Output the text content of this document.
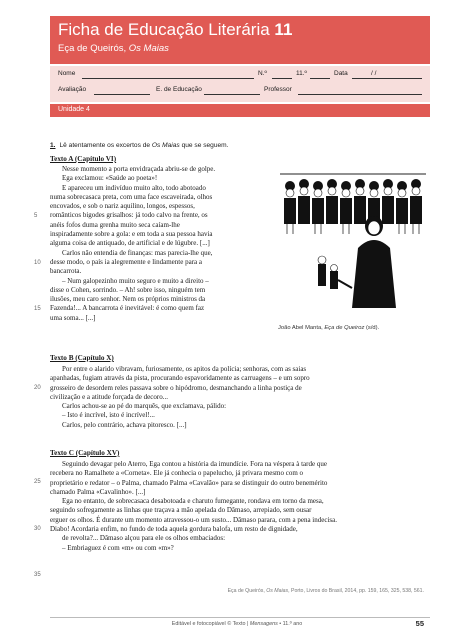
Ficha de Educação Literária 11
Eça de Queirós, Os Maias
Nome	N.º	11.º	Data	/ /
Avaliação	E. de Educação	Professor
Unidade 4
1. Lê atentamente os excertos de Os Maias que se seguem.
Texto A (Capítulo VI)
Nesse momento a porta envidraçada abriu-se de golpe.
Ega exclamou: «Saúde ao poeta»!
E apareceu um indivíduo muito alto, todo abotoado
numa sobrecasaca preta, com uma face escaveirada, olhos
encovados, e sob o nariz aquilino, longos, espessos,
românticos bigodes grisalhos: já todo calvo na frente, os
anéis fofos duma grenha muito seca caíam-lhe
inspiradamente sobre a gola: e em toda a sua pessoa havia
alguma coisa de antiquado, de artificial e de lúgubre. [...]
Carlos não entendia de finanças: mas parecia-lhe que,
desse modo, o país ia alegremente e lindamente para a
bancarrota.
– Num galopezinho muito seguro e muito a direito –
disse o Cohen, sorrindo. – Ah! sobre isso, ninguém tem
ilusões, meu caro senhor. Nem os próprios ministros da
Fazenda!... A bancarrota é inevitável: é como quem faz
uma soma... [...]
Texto B (Capítulo X)
Por entre o alarido vibravam, furiosamente, os apitos da polícia; senhoras, com as saias
apanhadas, fugiam através da pista, procurando espavoridamente as carruagens – e um sopro
grosseiro de desordem reles passava sobre o hipódromo, desmanchando a linha postiça de
civilização e a atitude forçada de decoro...
Carlos achou-se ao pé do marquês, que exclamava, pálido:
– Isto é incrível, isto é incrível!...
Carlos, pelo contrário, achava pitoresco. [...]
Texto C (Capítulo XV)
Seguindo devagar pelo Aterro, Ega contou a história da imundície. Fora na véspera à tarde que
recebera no Ramalhete a «Corneta». Ele já conhecia o papelucho, já privara mesmo com o
proprietário e redator – o Palma, chamado Palma «Cavalão» para se distinguir do outro benemérito
chamado Palma «Cavalinho». [...]
Ega no entanto, de sobrecasaca desabotoada e charuto fumegante, rondava em torno da mesa,
seguindo sofregamente as linhas que traçava a mão apelada do Dâmaso, arrepiado, sem ousar
erguer os olhos. É durante um momento atravessou-o um susto... Dâmaso parara, com a pena indecisa.
Diabo! Acordaria enfim, no fundo de toda aquela gordura balofa, um resto de dignidade,
de revolta?... Dâmaso alçou para ele os olhos embaciados:
– Embriaguez é com «m» ou com «m»?
5
10
15
20
25
30
35
João Abel Manta, Eça de Queiroz (s/d).
Eça de Queirós, Os Maias, Porto, Livros do Brasil, 2014, pp. 159, 165, 325, 538, 561.
Editável e fotocopiável © Texto | Mensagens • 11.º ano	55
